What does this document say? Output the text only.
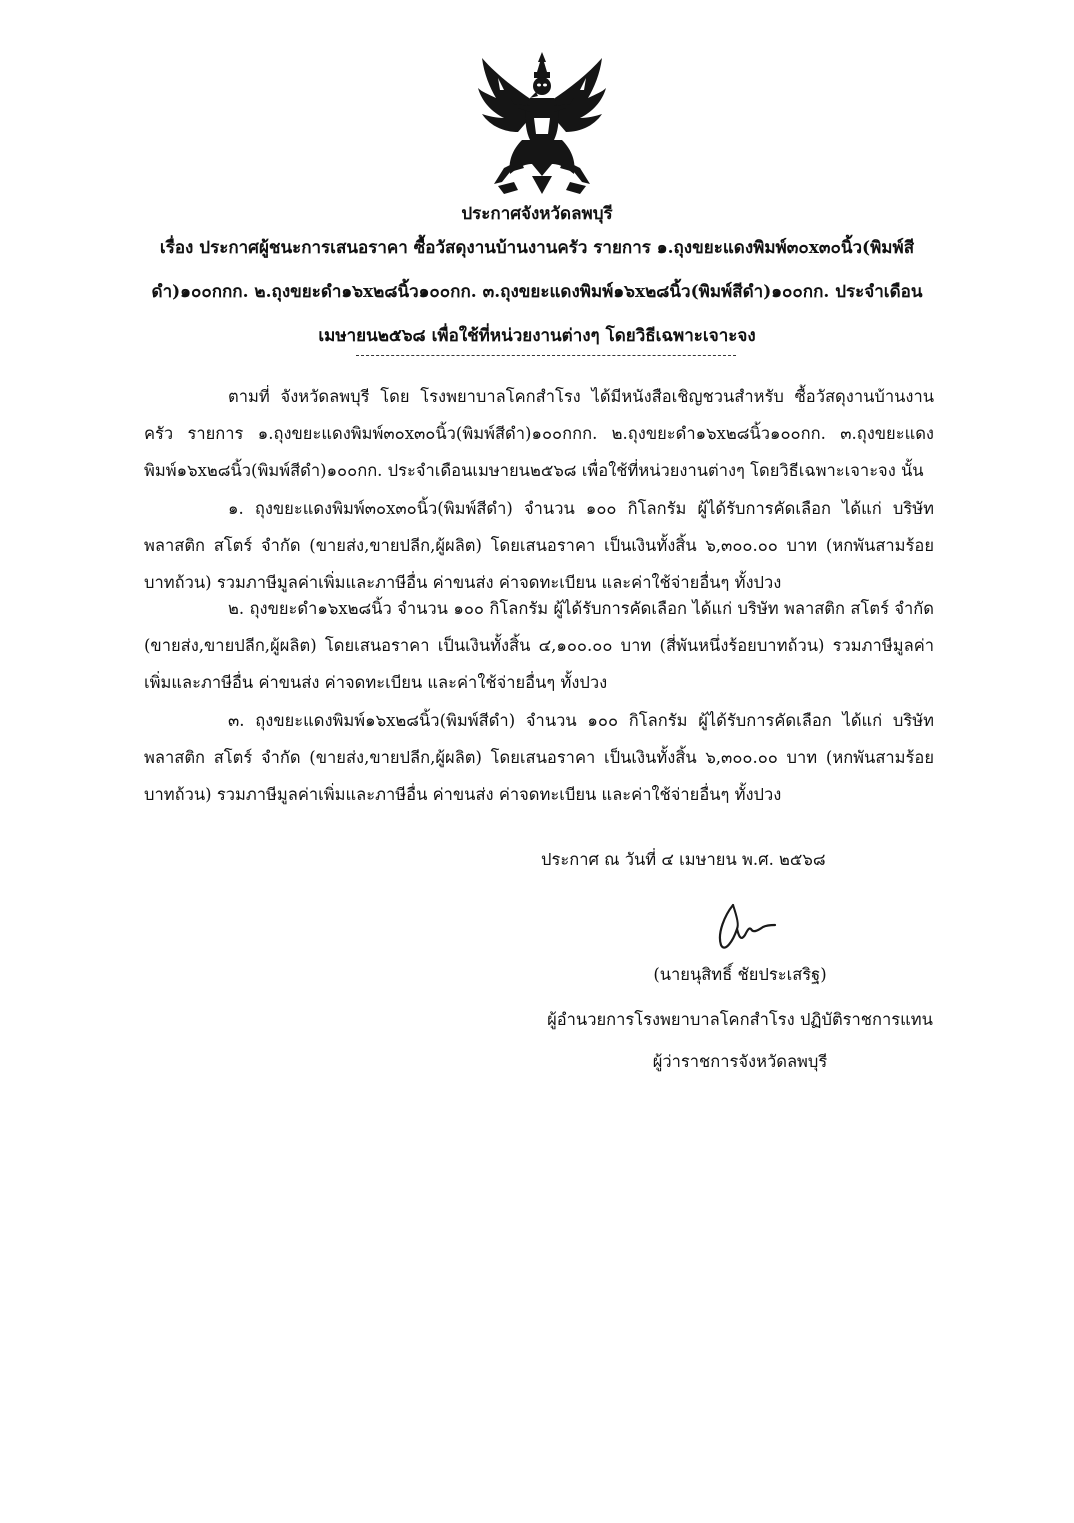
ประกาศจังหวัดลพบุรี
เรื่อง ประกาศผู้ชนะการเสนอราคา ซื้อวัสดุงานบ้านงานครัว รายการ ๑.ถุงขยะแดงพิมพ์๓๐x๓๐นิ้ว(พิมพ์สีดำ)๑๐๐กกก. ๒.ถุงขยะดำ๑๖x๒๘นิ้ว๑๐๐กก. ๓.ถุงขยะแดงพิมพ์๑๖x๒๘นิ้ว(พิมพ์สีดำ)๑๐๐กก. ประจำเดือนเมษายน๒๕๖๘ เพื่อใช้ที่หน่วยงานต่างๆ โดยวิธีเฉพาะเจาะจง
ตามที่ จังหวัดลพบุรี โดย โรงพยาบาลโคกสำโรง ได้มีหนังสือเชิญชวนสำหรับ ซื้อวัสดุงานบ้านงานครัว รายการ ๑.ถุงขยะแดงพิมพ์๓๐x๓๐นิ้ว(พิมพ์สีดำ)๑๐๐กกก. ๒.ถุงขยะดำ๑๖x๒๘นิ้ว๑๐๐กก. ๓.ถุงขยะแดงพิมพ์๑๖x๒๘นิ้ว(พิมพ์สีดำ)๑๐๐กก. ประจำเดือนเมษายน๒๕๖๘ เพื่อใช้ที่หน่วยงานต่างๆ โดยวิธีเฉพาะเจาะจง นั้น
๑. ถุงขยะแดงพิมพ์๓๐x๓๐นิ้ว(พิมพ์สีดำ) จำนวน ๑๐๐ กิโลกรัม ผู้ได้รับการคัดเลือก ได้แก่ บริษัท พลาสติก สโตร์ จำกัด (ขายส่ง,ขายปลีก,ผู้ผลิต) โดยเสนอราคา เป็นเงินทั้งสิ้น ๖,๓๐๐.๐๐ บาท (หกพันสามร้อยบาทถ้วน) รวมภาษีมูลค่าเพิ่มและภาษีอื่น ค่าขนส่ง ค่าจดทะเบียน และค่าใช้จ่ายอื่นๆ ทั้งปวง
๒. ถุงขยะดำ๑๖x๒๘นิ้ว จำนวน ๑๐๐ กิโลกรัม ผู้ได้รับการคัดเลือก ได้แก่ บริษัท พลาสติก สโตร์ จำกัด (ขายส่ง,ขายปลีก,ผู้ผลิต) โดยเสนอราคา เป็นเงินทั้งสิ้น ๔,๑๐๐.๐๐ บาท (สี่พันหนึ่งร้อยบาทถ้วน) รวมภาษีมูลค่าเพิ่มและภาษีอื่น ค่าขนส่ง ค่าจดทะเบียน และค่าใช้จ่ายอื่นๆ ทั้งปวง
๓. ถุงขยะแดงพิมพ์๑๖x๒๘นิ้ว(พิมพ์สีดำ) จำนวน ๑๐๐ กิโลกรัม ผู้ได้รับการคัดเลือก ได้แก่ บริษัท พลาสติก สโตร์ จำกัด (ขายส่ง,ขายปลีก,ผู้ผลิต) โดยเสนอราคา เป็นเงินทั้งสิ้น ๖,๓๐๐.๐๐ บาท (หกพันสามร้อยบาทถ้วน) รวมภาษีมูลค่าเพิ่มและภาษีอื่น ค่าขนส่ง ค่าจดทะเบียน และค่าใช้จ่ายอื่นๆ ทั้งปวง
ประกาศ ณ วันที่ ๔ เมษายน พ.ศ. ๒๕๖๘
(นายนุสิทธิ์ ชัยประเสริฐ)
ผู้อำนวยการโรงพยาบาลโคกสำโรง ปฏิบัติราชการแทน
ผู้ว่าราชการจังหวัดลพบุรี
